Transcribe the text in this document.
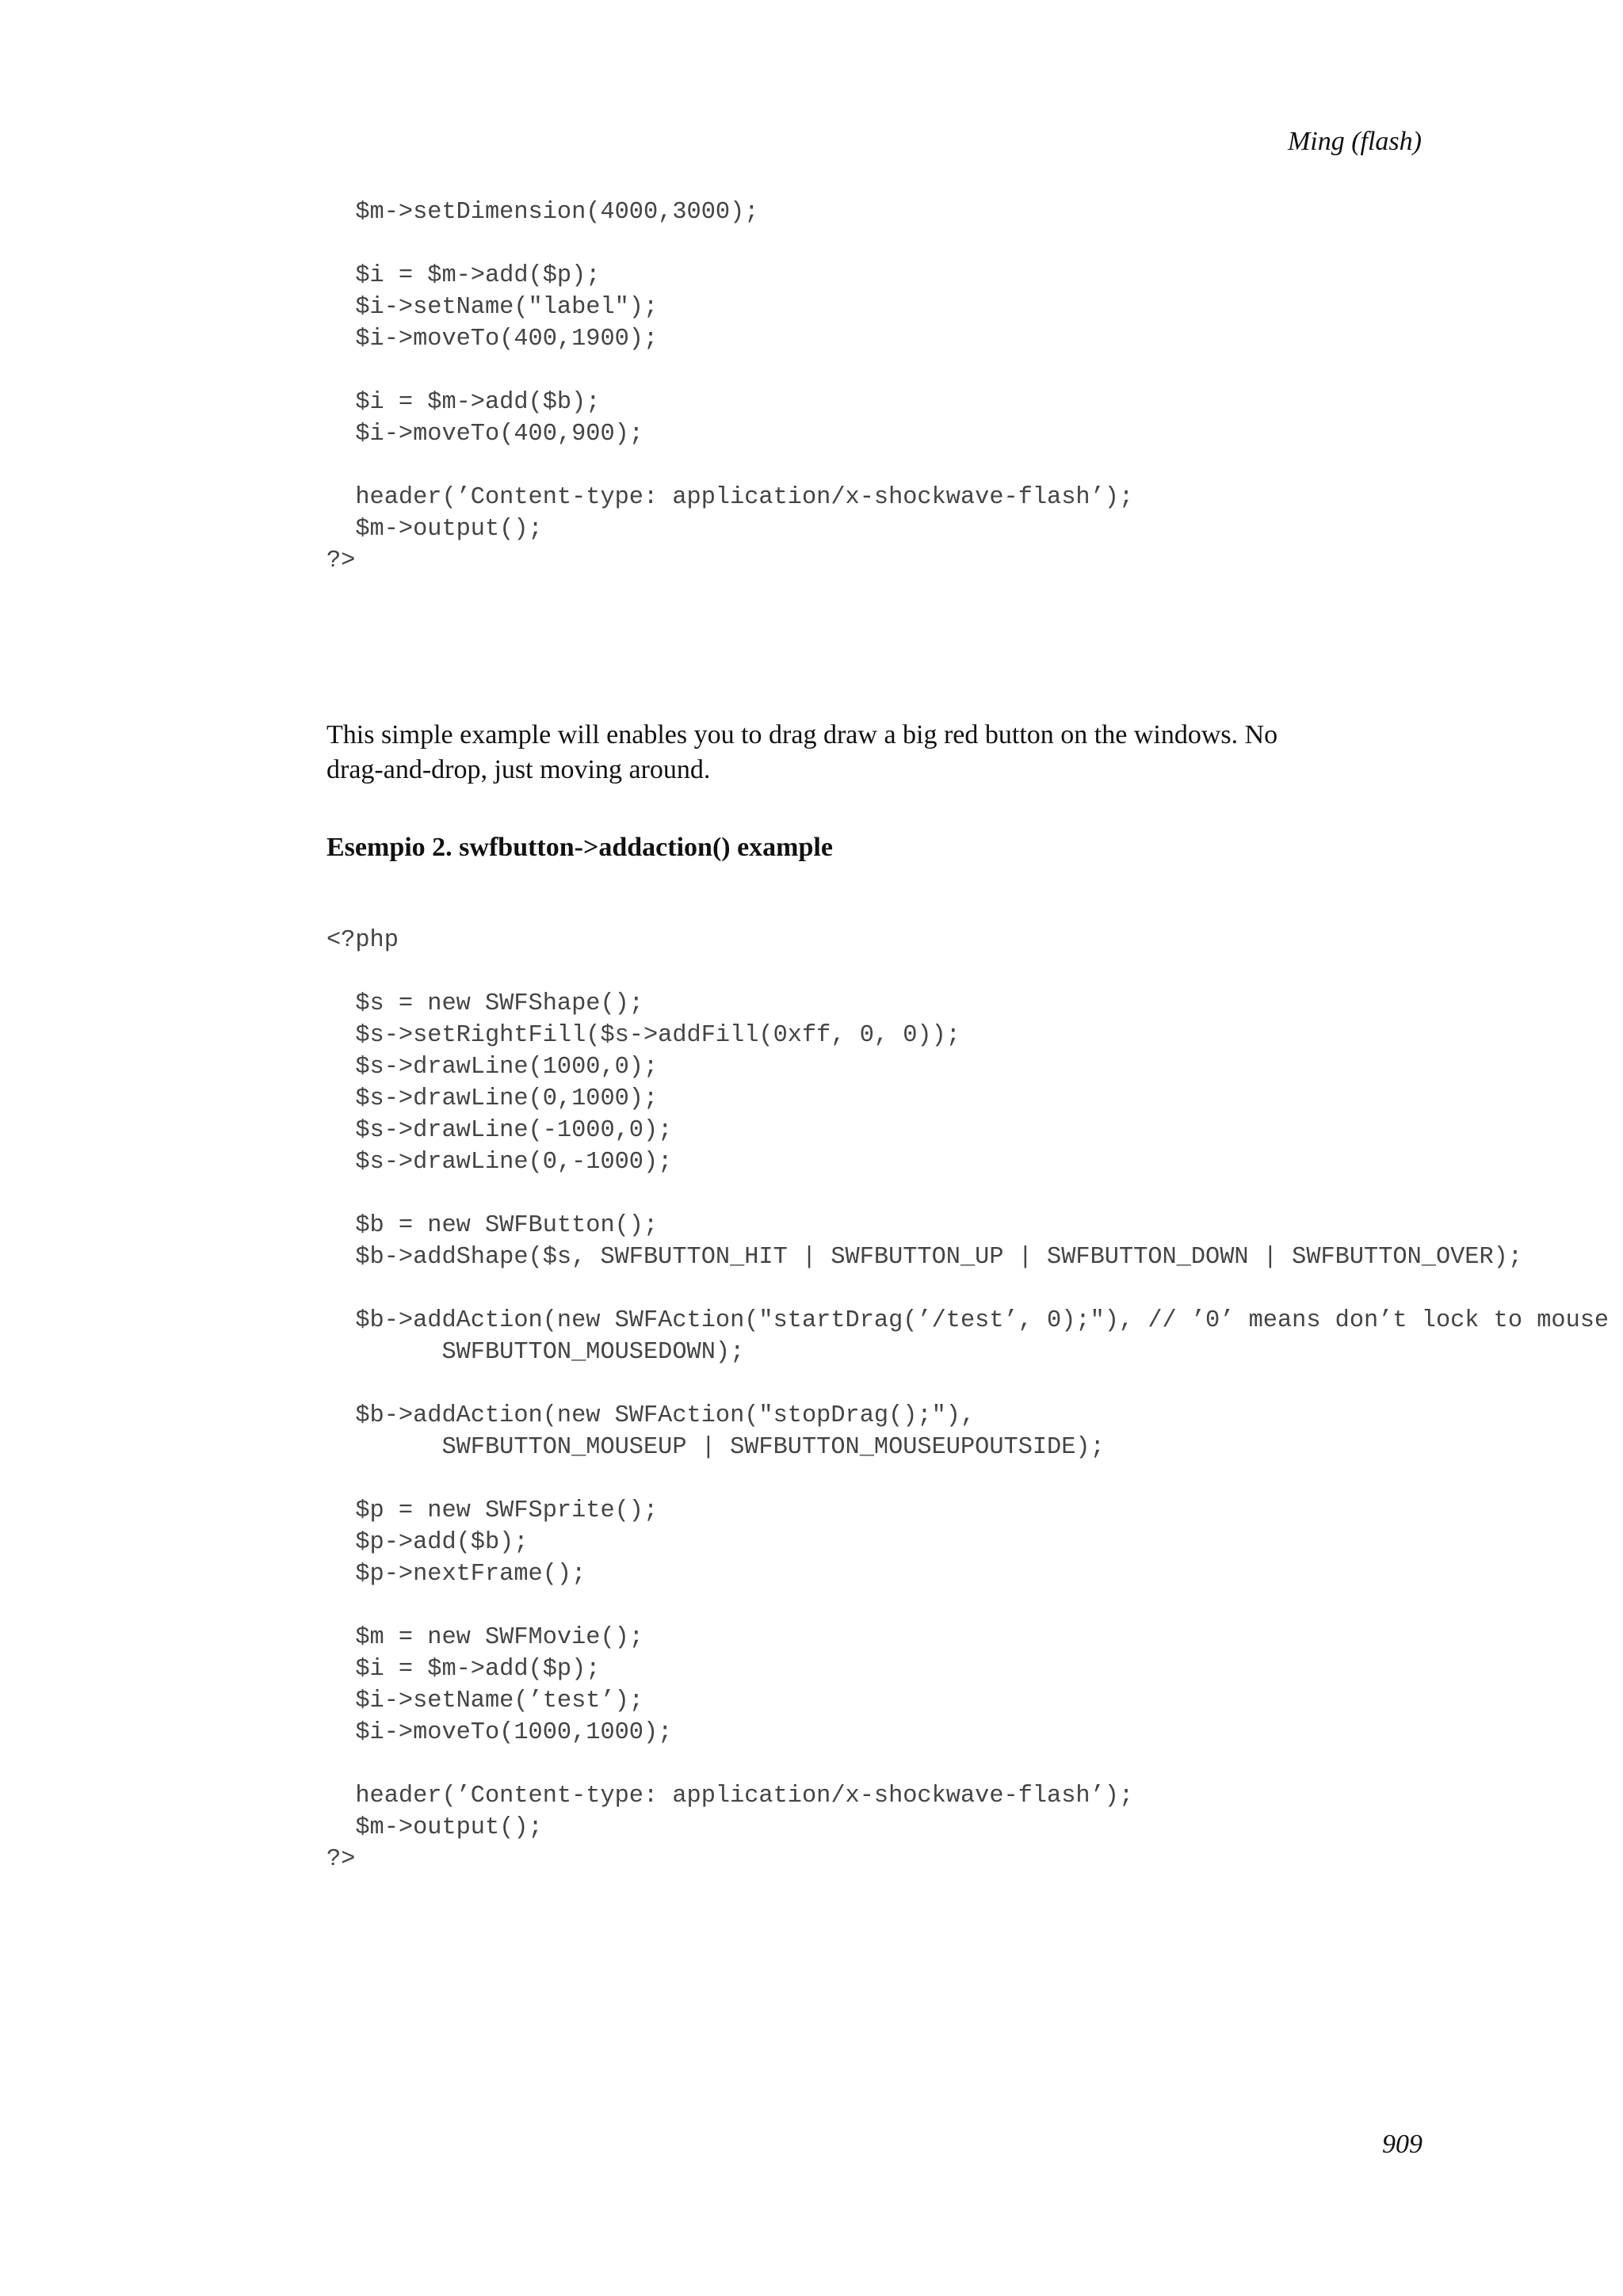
Ming (flash)
$m->setDimension(4000,3000);

$i = $m->add($p);
$i->setName("label");
$i->moveTo(400,1900);

$i = $m->add($b);
$i->moveTo(400,900);

header(’Content-type: application/x-shockwave-flash’);
$m->output();
?>

This simple example will enables you to drag draw a big red button on the windows. No drag-and-drop, just moving around.

Esempio 2. swfbutton->addaction() example
<?php

$s = new SWFShape();
$s->setRightFill($s->addFill(0xff, 0, 0));
$s->drawLine(1000,0);
$s->drawLine(0,1000);
$s->drawLine(-1000,0);
$s->drawLine(0,-1000);

$b = new SWFButton();
$b->addShape($s, SWFBUTTON_HIT | SWFBUTTON_UP | SWFBUTTON_DOWN | SWFBUTTON_OVER);

$b->addAction(new SWFAction("startDrag(’/test’, 0);"), // ’0’ means don’t lock to mouse
SWFBUTTON_MOUSEDOWN);

$b->addAction(new SWFAction("stopDrag();"),
SWFBUTTON_MOUSEUP | SWFBUTTON_MOUSEUPOUTSIDE);

$p = new SWFSprite();
$p->add($b);
$p->nextFrame();

$m = new SWFMovie();
$i = $m->add($p);
$i->setName(’test’);
$i->moveTo(1000,1000);

header(’Content-type: application/x-shockwave-flash’);
$m->output();
?>
909
